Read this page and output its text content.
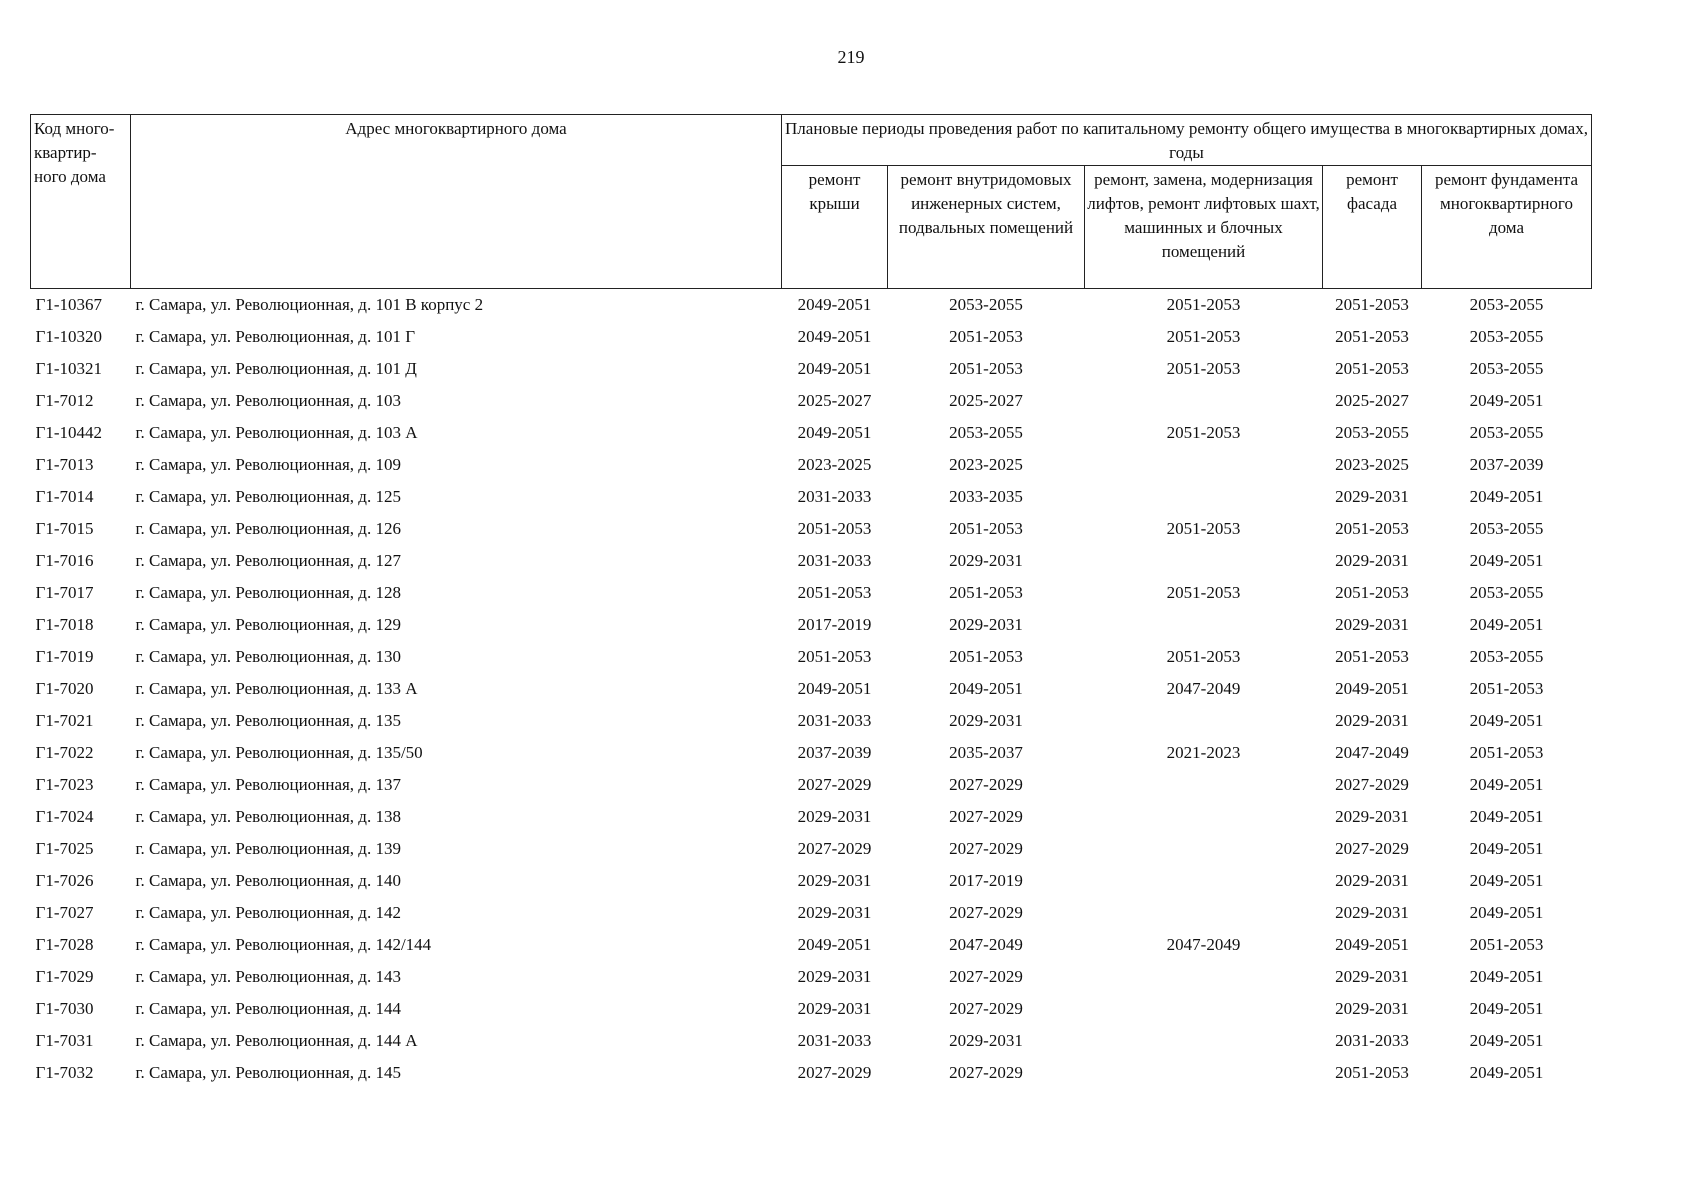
219
Код много-квартир-ного дома	Адрес многоквартирного дома	Плановые периоды проведения работ по капитальному ремонту общего имущества в многоквартирных домах, годы				
		ремонт крыши	ремонт внутридомовых инженерных систем, подвальных помещений	ремонт, замена, модернизация лифтов, ремонт лифтовых шахт, машинных и блочных помещений	ремонт фасада	ремонт фундамента многоквартирного дома
Г1-10367	г. Самара, ул. Революционная, д. 101 В корпус 2	2049-2051	2053-2055	2051-2053	2051-2053	2053-2055
Г1-10320	г. Самара, ул. Революционная, д. 101 Г	2049-2051	2051-2053	2051-2053	2051-2053	2053-2055
Г1-10321	г. Самара, ул. Революционная, д. 101 Д	2049-2051	2051-2053	2051-2053	2051-2053	2053-2055
Г1-7012	г. Самара, ул. Революционная, д. 103	2025-2027	2025-2027		2025-2027	2049-2051
Г1-10442	г. Самара, ул. Революционная, д. 103 А	2049-2051	2053-2055	2051-2053	2053-2055	2053-2055
Г1-7013	г. Самара, ул. Революционная, д. 109	2023-2025	2023-2025		2023-2025	2037-2039
Г1-7014	г. Самара, ул. Революционная, д. 125	2031-2033	2033-2035		2029-2031	2049-2051
Г1-7015	г. Самара, ул. Революционная, д. 126	2051-2053	2051-2053	2051-2053	2051-2053	2053-2055
Г1-7016	г. Самара, ул. Революционная, д. 127	2031-2033	2029-2031		2029-2031	2049-2051
Г1-7017	г. Самара, ул. Революционная, д. 128	2051-2053	2051-2053	2051-2053	2051-2053	2053-2055
Г1-7018	г. Самара, ул. Революционная, д. 129	2017-2019	2029-2031		2029-2031	2049-2051
Г1-7019	г. Самара, ул. Революционная, д. 130	2051-2053	2051-2053	2051-2053	2051-2053	2053-2055
Г1-7020	г. Самара, ул. Революционная, д. 133 А	2049-2051	2049-2051	2047-2049	2049-2051	2051-2053
Г1-7021	г. Самара, ул. Революционная, д. 135	2031-2033	2029-2031		2029-2031	2049-2051
Г1-7022	г. Самара, ул. Революционная, д. 135/50	2037-2039	2035-2037	2021-2023	2047-2049	2051-2053
Г1-7023	г. Самара, ул. Революционная, д. 137	2027-2029	2027-2029		2027-2029	2049-2051
Г1-7024	г. Самара, ул. Революционная, д. 138	2029-2031	2027-2029		2029-2031	2049-2051
Г1-7025	г. Самара, ул. Революционная, д. 139	2027-2029	2027-2029		2027-2029	2049-2051
Г1-7026	г. Самара, ул. Революционная, д. 140	2029-2031	2017-2019		2029-2031	2049-2051
Г1-7027	г. Самара, ул. Революционная, д. 142	2029-2031	2027-2029		2029-2031	2049-2051
Г1-7028	г. Самара, ул. Революционная, д. 142/144	2049-2051	2047-2049	2047-2049	2049-2051	2051-2053
Г1-7029	г. Самара, ул. Революционная, д. 143	2029-2031	2027-2029		2029-2031	2049-2051
Г1-7030	г. Самара, ул. Революционная, д. 144	2029-2031	2027-2029		2029-2031	2049-2051
Г1-7031	г. Самара, ул. Революционная, д. 144 А	2031-2033	2029-2031		2031-2033	2049-2051
Г1-7032	г. Самара, ул. Революционная, д. 145	2027-2029	2027-2029		2051-2053	2049-2051
